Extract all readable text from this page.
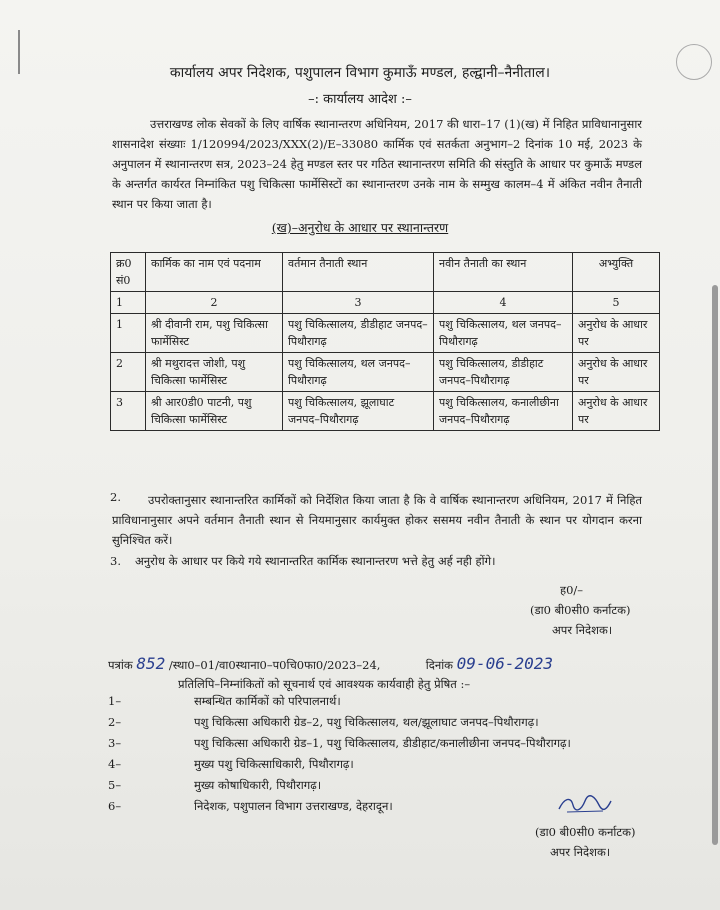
कार्यालय अपर निदेशक, पशुपालन विभाग कुमाऊँ मण्डल, हल्द्वानी–नैनीताल।
–: कार्यालय आदेश :–
उत्तराखण्ड लोक सेवकों के लिए वार्षिक स्थानान्तरण अधिनियम, 2017 की धारा–17 (1)(ख) में निहित प्राविधानानुसार शासनादेश संख्याः 1/120994/2023/XXX(2)/E–33080 कार्मिक एवं सतर्कता अनुभाग–2 दिनांक 10 मई, 2023 के अनुपालन में स्थानान्तरण सत्र, 2023–24 हेतु मण्डल स्तर पर गठित स्थानान्तरण समिति की संस्तुति के आधार पर कुमाऊँ मण्डल के अन्तर्गत कार्यरत निम्नांकित पशु चिकित्सा फार्मेसिस्टों का स्थानान्तरण उनके नाम के सम्मुख कालम–4 में अंकित नवीन तैनाती स्थान पर किया जाता है।
(ख)–अनुरोध के आधार पर स्थानान्तरण
क्र0 सं0	कार्मिक का नाम एवं पदनाम	वर्तमान तैनाती स्थान	नवीन तैनाती का स्थान	अभ्युक्ति
1	2	3	4	5
1	श्री दीवानी राम, पशु चिकित्सा फार्मेसिस्ट	पशु चिकित्सालय, डीडीहाट जनपद–पिथौरागढ़	पशु चिकित्सालय, थल जनपद–पिथौरागढ़	अनुरोध के आधार पर
2	श्री मथुरादत्त जोशी, पशु चिकित्सा फार्मेसिस्ट	पशु चिकित्सालय, थल जनपद–पिथौरागढ़	पशु चिकित्सालय, डीडीहाट जनपद–पिथौरागढ़	अनुरोध के आधार पर
3	श्री आर0डी0 पाटनी, पशु चिकित्सा फार्मेसिस्ट	पशु चिकित्सालय, झूलाघाट जनपद–पिथौरागढ़	पशु चिकित्सालय, कनालीछीना जनपद–पिथौरागढ़	अनुरोध के आधार पर
2.	उपरोक्तानुसार स्थानान्तरित कार्मिकों को निर्देशित किया जाता है कि वे वार्षिक स्थानान्तरण अधिनियम, 2017 में निहित प्राविधानानुसार अपने वर्तमान तैनाती स्थान से नियमानुसार कार्यमुक्त होकर ससमय नवीन तैनाती के स्थान पर योगदान करना सुनिश्चित करें।
3. अनुरोध के आधार पर किये गये स्थानान्तरित कार्मिक स्थानान्तरण भत्ते हेतु अर्ह नही होंगे।
ह0/–
(डा0 बी0सी0 कर्नाटक)
अपर निदेशक।
पत्रांक 852 /स्था0–01/वा0स्थाना0–प0चि0फा0/2023–24,	दिनांक 09-06-2023
प्रतिलिपि–निम्नांकितों को सूचनार्थ एवं आवश्यक कार्यवाही हेतु प्रेषित :–
1–	सम्बन्धित कार्मिकों को परिपालनार्थ।
2–	पशु चिकित्सा अधिकारी ग्रेड–2, पशु चिकित्सालय, थल/झूलाघाट जनपद–पिथौरागढ़।
3–	पशु चिकित्सा अधिकारी ग्रेड–1, पशु चिकित्सालय, डीडीहाट/कनालीछीना जनपद–पिथौरागढ़।
4–	मुख्य पशु चिकित्साधिकारी, पिथौरागढ़।
5–	मुख्य कोषाधिकारी, पिथौरागढ़।
6–	निदेशक, पशुपालन विभाग उत्तराखण्ड, देहरादून।
(डा0 बी0सी0 कर्नाटक)
अपर निदेशक।
